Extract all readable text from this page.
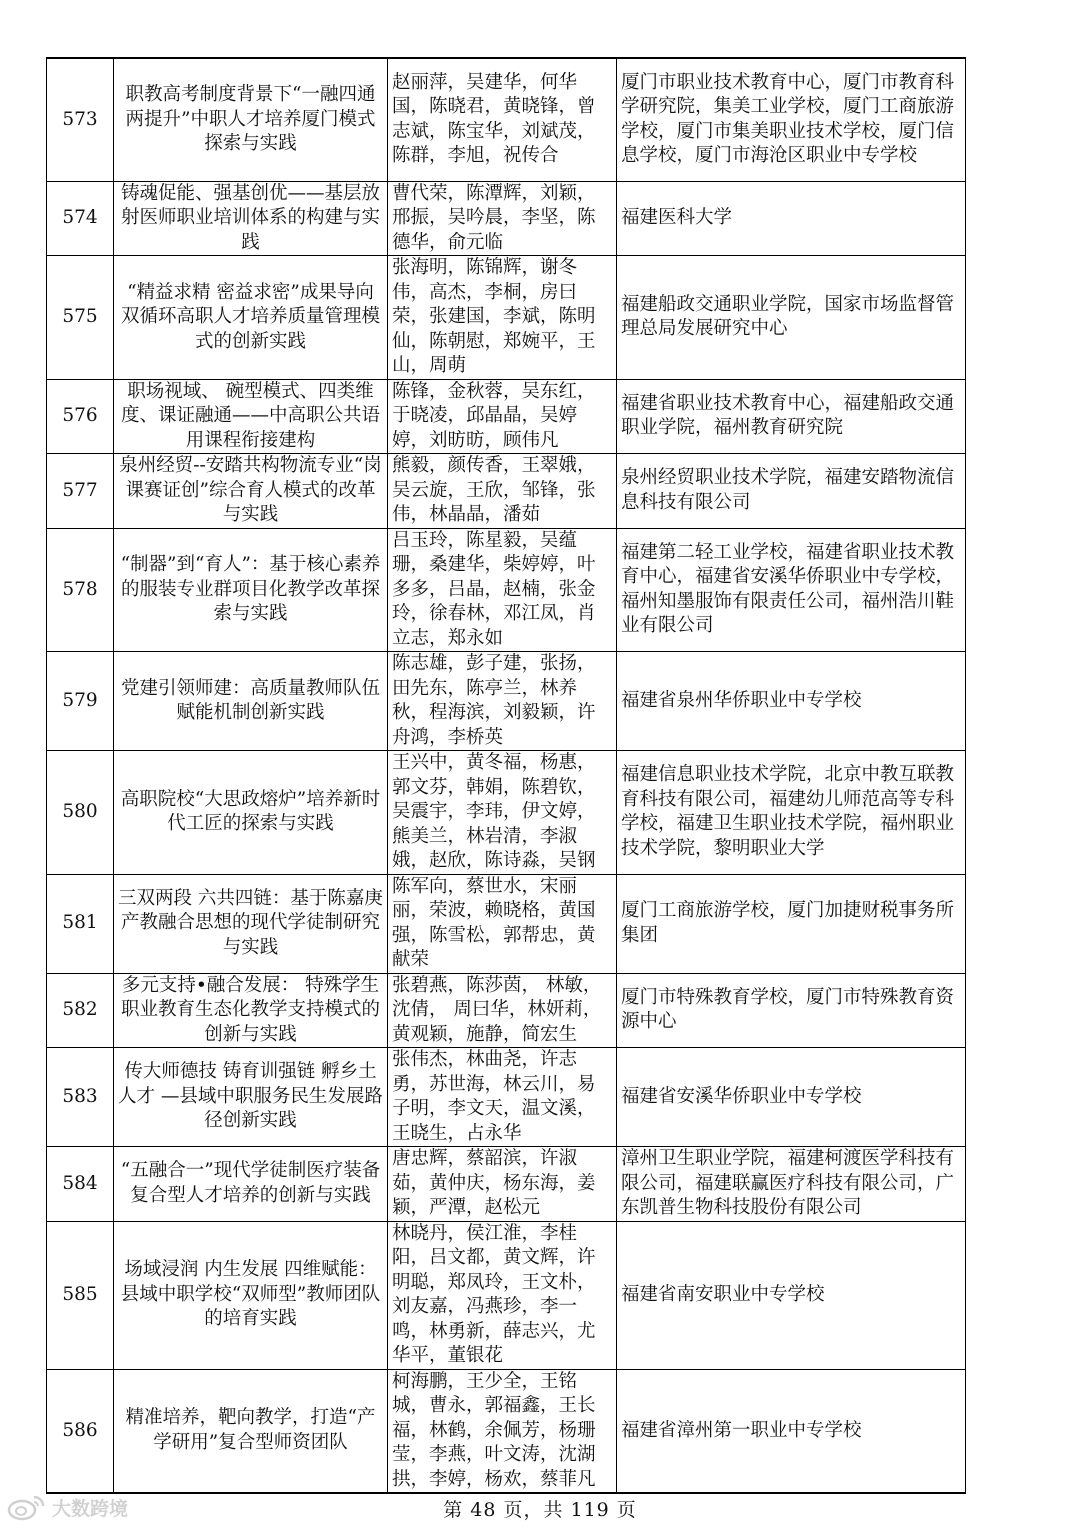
573	职教高考制度背景下“一融四通两提升”中职人才培养厦门模式探索与实践	赵丽萍，吴建华，何华国，陈晓君，黄晓锋，曾志斌，陈宝华，刘斌茂，陈群，李旭，祝传合	厦门市职业技术教育中心，厦门市教育科学研究院，集美工业学校，厦门工商旅游学校，厦门市集美职业技术学校，厦门信息学校，厦门市海沧区职业中专学校
574	铸魂促能、强基创优——基层放射医师职业培训体系的构建与实践	曹代荣，陈潭辉，刘颖，邢振，吴吟晨，李坚，陈德华，俞元临	福建医科大学
575	“精益求精 密益求密”成果导向双循环高职人才培养质量管理模式的创新实践	张海明，陈锦辉，谢冬伟，高杰，李桐，房曰荣，张建国，李斌，陈明仙，陈朝慰，郑婉平，王山，周萌	福建船政交通职业学院，国家市场监督管理总局发展研究中心
576	职场视域、 碗型模式、四类维度、课证融通——中高职公共语用课程衔接建构	陈锋，金秋蓉，吴东红，于晓凌，邱晶晶，吴婷婷，刘昉昉，顾伟凡	福建省职业技术教育中心，福建船政交通职业学院，福州教育研究院
577	泉州经贸--安踏共构物流专业“岗课赛证创”综合育人模式的改革与实践	熊毅，颜传香，王翠娥，吴云旋，王欣，邹锋，张伟，林晶晶，潘茹	泉州经贸职业技术学院，福建安踏物流信息科技有限公司
578	“制器”到“育人”：基于核心素养的服装专业群项目化教学改革探索与实践	吕玉玲，陈星毅，吴蕴珊，桑建华，柴婷婷，叶多多，吕晶，赵楠，张金玲，徐春林，邓江凤，肖立志，郑永如	福建第二轻工业学校，福建省职业技术教育中心，福建省安溪华侨职业中专学校，福州知墨服饰有限责任公司，福州浩川鞋业有限公司
579	党建引领师建：高质量教师队伍赋能机制创新实践	陈志雄，彭子建，张扬，田先东，陈亭兰，林养秋，程海滨，刘毅颖，许舟鸿，李桥英	福建省泉州华侨职业中专学校
580	高职院校“大思政熔炉”培养新时代工匠的探索与实践	王兴中，黄冬福，杨惠，郭文芬，韩娟，陈碧钦，吴震宇，李玮，伊文婷，熊美兰，林岩清，李淑娥，赵欣，陈诗淼，吴钢	福建信息职业技术学院，北京中教互联教育科技有限公司，福建幼儿师范高等专科学校，福建卫生职业技术学院，福州职业技术学院，黎明职业大学
581	三双两段 六共四链：基于陈嘉庚产教融合思想的现代学徒制研究与实践	陈军向，蔡世水，宋丽丽，荣波，赖晓格，黄国强，陈雪松，郭帮忠，黄献荣	厦门工商旅游学校，厦门加捷财税事务所集团
582	多元支持•融合发展： 特殊学生职业教育生态化教学支持模式的创新与实践	张碧燕，陈莎茵， 林敏，沈倩， 周曰华，林妍莉，黄观颖，施静，简宏生	厦门市特殊教育学校，厦门市特殊教育资源中心
583	传大师德技 铸育训强链 孵乡土人才 —县域中职服务民生发展路径创新实践	张伟杰，林曲尧，许志勇，苏世海，林云川，易子明，李文天，温文溪，王晓生，占永华	福建省安溪华侨职业中专学校
584	“五融合一”现代学徒制医疗装备复合型人才培养的创新与实践	唐忠辉，蔡韶滨，许淑茹，黄仲庆，杨东海，姜颖，严潭，赵松元	漳州卫生职业学院，福建柯渡医学科技有限公司，福建联赢医疗科技有限公司，广东凯普生物科技股份有限公司
585	场域浸润 内生发展 四维赋能：县域中职学校“双师型”教师团队的培育实践	林晓丹，侯江淮，李桂阳，吕文都，黄文辉，许明聪，郑凤玲，王文朴，刘友嘉，冯燕珍，李一鸣，林勇新，薛志兴，尤华平，董银花	福建省南安职业中专学校
586	精准培养，靶向教学，打造“产学研用”复合型师资团队	柯海鹏，王少全，王铭城，曹永，郭福鑫，王长福，林鹤，余佩芳，杨珊莹，李燕，叶文涛，沈湖拱，李婷，杨欢，蔡菲凡	福建省漳州第一职业中专学校
大数跨境	第 48 页，共 119 页
